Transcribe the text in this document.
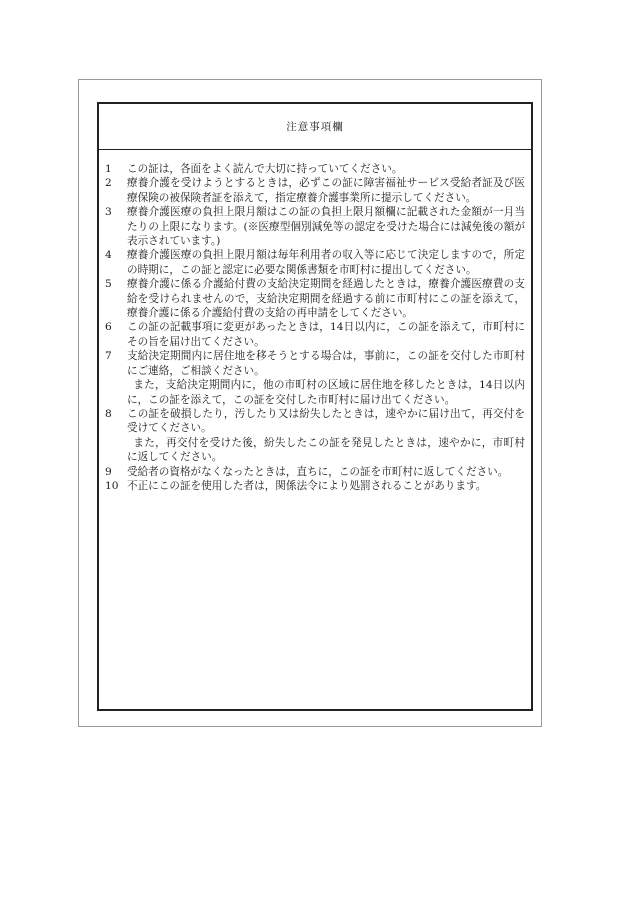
注意事項欄
1	この証は，各面をよく読んで大切に持っていてください。
2	療養介護を受けようとするときは，必ずこの証に障害福祉サービス受給者証及び医療保険の被保険者証を添えて，指定療養介護事業所に提示してください。
3	療養介護医療の負担上限月額はこの証の負担上限月額欄に記載された金額が一月当たりの上限になります。(※医療型個別減免等の認定を受けた場合には減免後の額が表示されています。)
4	療養介護医療の負担上限月額は毎年利用者の収入等に応じて決定しますので，所定の時期に，この証と認定に必要な関係書類を市町村に提出してください。
5	療養介護に係る介護給付費の支給決定期間を経過したときは，療養介護医療費の支給を受けられませんので，支給決定期間を経過する前に市町村にこの証を添えて，療養介護に係る介護給付費の支給の再申請をしてください。
6	この証の記載事項に変更があったときは，14日以内に，この証を添えて，市町村にその旨を届け出てください。
7	支給決定期間内に居住地を移そうとする場合は，事前に，この証を交付した市町村にご連絡，ご相談ください。
また，支給決定期間内に，他の市町村の区域に居住地を移したときは，14日以内に，この証を添えて，この証を交付した市町村に届け出てください。
8	この証を破損したり，汚したり又は紛失したときは，速やかに届け出て，再交付を受けてください。
また，再交付を受けた後，紛失したこの証を発見したときは，速やかに，市町村に返してください。
9	受給者の資格がなくなったときは，直ちに，この証を市町村に返してください。
10 不正にこの証を使用した者は，関係法令により処罰されることがあります。
